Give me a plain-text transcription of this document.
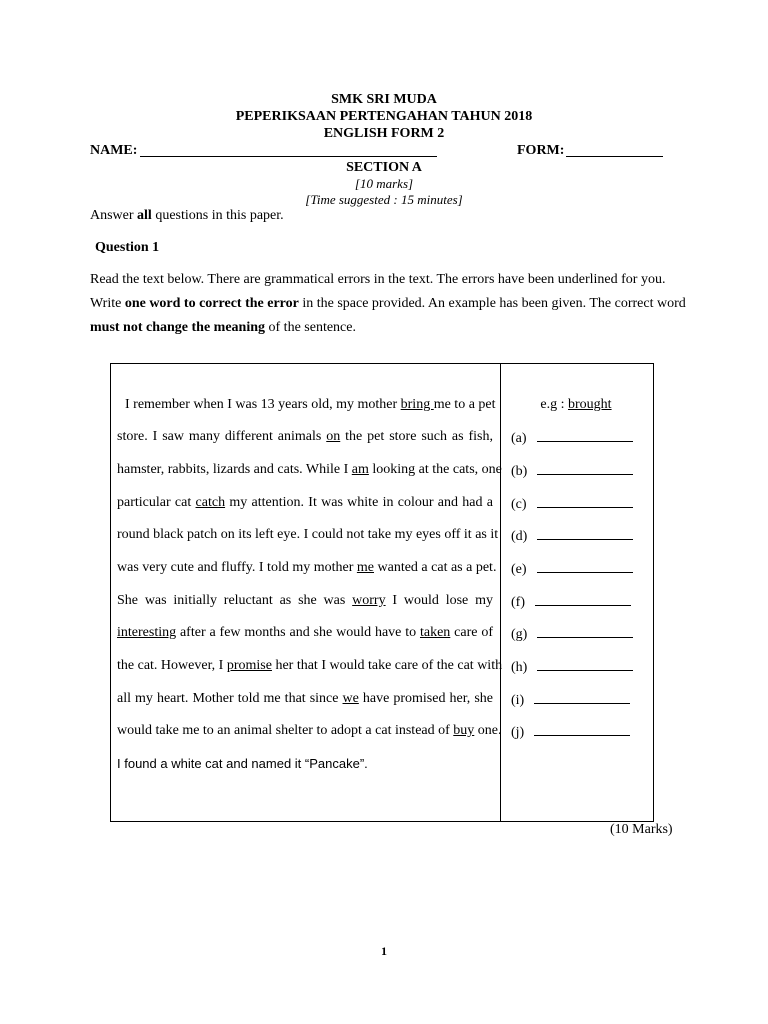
SMK SRI MUDA
PEPERIKSAAN PERTENGAHAN TAHUN 2018
ENGLISH FORM 2
NAME:	FORM:
SECTION A
[10 marks]
[Time suggested : 15 minutes]
Answer all questions in this paper.
Question 1
Read the text below. There are grammatical errors in the text. The errors have been underlined for you.
Write one word to correct the error in the space provided. An example has been given. The correct word
must not change the meaning of the sentence.
I remember when I was 13 years old, my mother bring me to a pet
store. I saw many different animals on the pet store such as fish,
hamster, rabbits, lizards and cats. While I am looking at the cats, one
particular cat catch my attention. It was white in colour and had a
round black patch on its left eye. I could not take my eyes off it as it
was very cute and fluffy. I told my mother me wanted a cat as a pet.
She was initially reluctant as she was worry I would lose my
interesting after a few months and she would have to taken care of
the cat. However, I promise her that I would take care of the cat with
all my heart. Mother told me that since we have promised her, she
would take me to an animal shelter to adopt a cat instead of buy one.
I found a white cat and named it “Pancake”.
e.g : brought
(a)
(b)
(c)
(d)
(e)
(f)
(g)
(h)
(i)
(j)
(10 Marks)
1
